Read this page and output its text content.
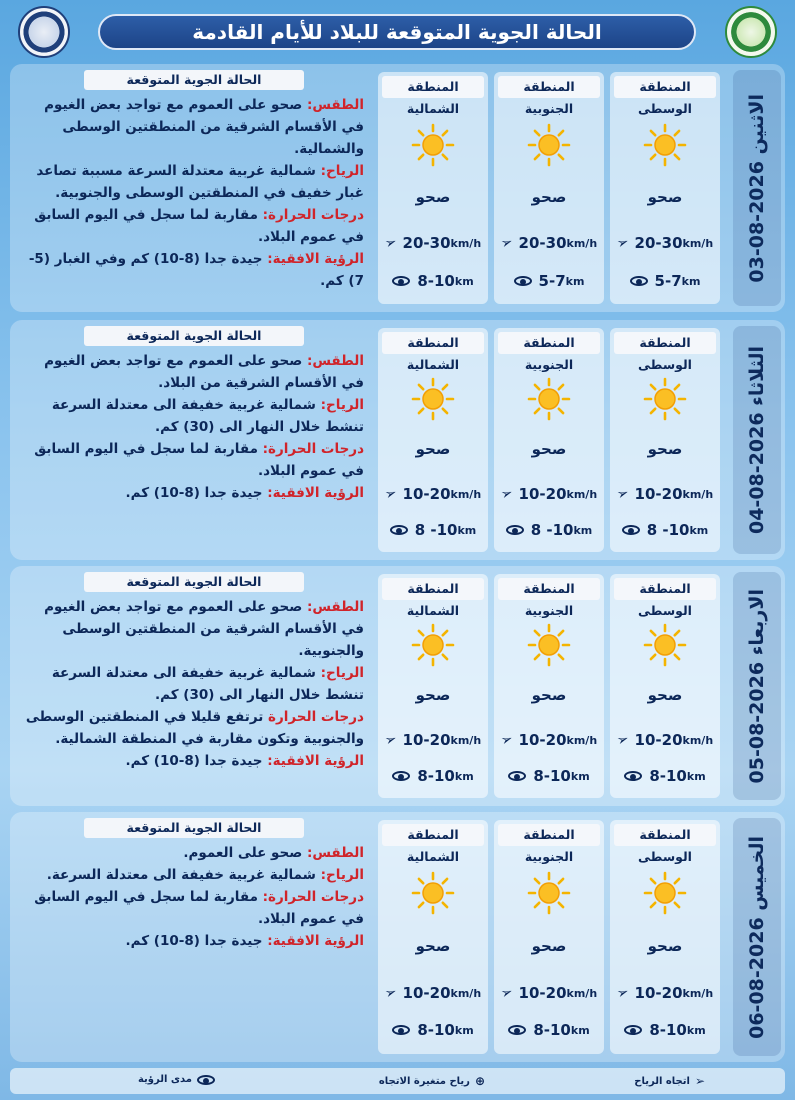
الحالة الجوية المتوقعة للبلاد للأيام القادمة
الاثنين 2026-08-03
المنطقة الوسطى
صحو
➢ 20-30 km/h
5-7 km
المنطقة الجنوبية
صحو
➢ 20-30 km/h
5-7 km
المنطقة الشمالية
صحو
➢ 20-30 km/h
8-10 km
الحالة الجوية المتوقعة
الطقس: صحو على العموم مع تواجد بعض الغيوم في الأقسام الشرقية من المنطقتين الوسطى والشمالية.
الرياح: شمالية غربية معتدلة السرعة مسببة تصاعد غبار خفيف في المنطقتين الوسطى والجنوبية.
درجات الحرارة: مقاربة لما سجل في اليوم السابق في عموم البلاد.
الرؤية الافقية: جيدة جدا (8-10) كم وفي الغبار (5-7) كم.
الثلاثاء 2026-08-04
المنطقة الوسطى
صحو
➢ 10-20 km/h
8 -10 km
المنطقة الجنوبية
صحو
➢ 10-20 km/h
8 -10 km
المنطقة الشمالية
صحو
➢ 10-20 km/h
8 -10 km
الحالة الجوية المتوقعة
الطقس: صحو على العموم مع تواجد بعض الغيوم في الأقسام الشرقية من البلاد.
الرياح: شمالية غربية خفيفة الى معتدلة السرعة تنشط خلال النهار الى (30) كم.
درجات الحرارة: مقاربة لما سجل في اليوم السابق في عموم البلاد.
الرؤية الافقية: جيدة جدا (8-10) كم.
الاربعاء 2026-08-05
المنطقة الوسطى
صحو
➢ 10-20 km/h
8-10 km
المنطقة الجنوبية
صحو
➢ 10-20 km/h
8-10 km
المنطقة الشمالية
صحو
➢ 10-20 km/h
8-10 km
الحالة الجوية المتوقعة
الطقس: صحو على العموم مع تواجد بعض الغيوم في الأقسام الشرقية من المنطقتين الوسطى والجنوبية.
الرياح: شمالية غربية خفيفة الى معتدلة السرعة تنشط خلال النهار الى (30) كم.
درجات الحرارة ترتفع قليلا في المنطقتين الوسطى والجنوبية وتكون مقاربة في المنطقة الشمالية.
الرؤية الافقية: جيدة جدا (8-10) كم.
الخميس 2026-08-06
المنطقة الوسطى
صحو
➢ 10-20 km/h
8-10 km
المنطقة الجنوبية
صحو
➢ 10-20 km/h
8-10 km
المنطقة الشمالية
صحو
➢ 10-20 km/h
8-10 km
الحالة الجوية المتوقعة
الطقس: صحو على العموم.
الرياح: شمالية غربية خفيفة الى معتدلة السرعة.
درجات الحرارة: مقاربة لما سجل في اليوم السابق في عموم البلاد.
الرؤية الافقية: جيدة جدا (8-10) كم.
اتجاه الرياح ➢
رياح متغيرة الاتجاه ⊕
مدى الرؤية
